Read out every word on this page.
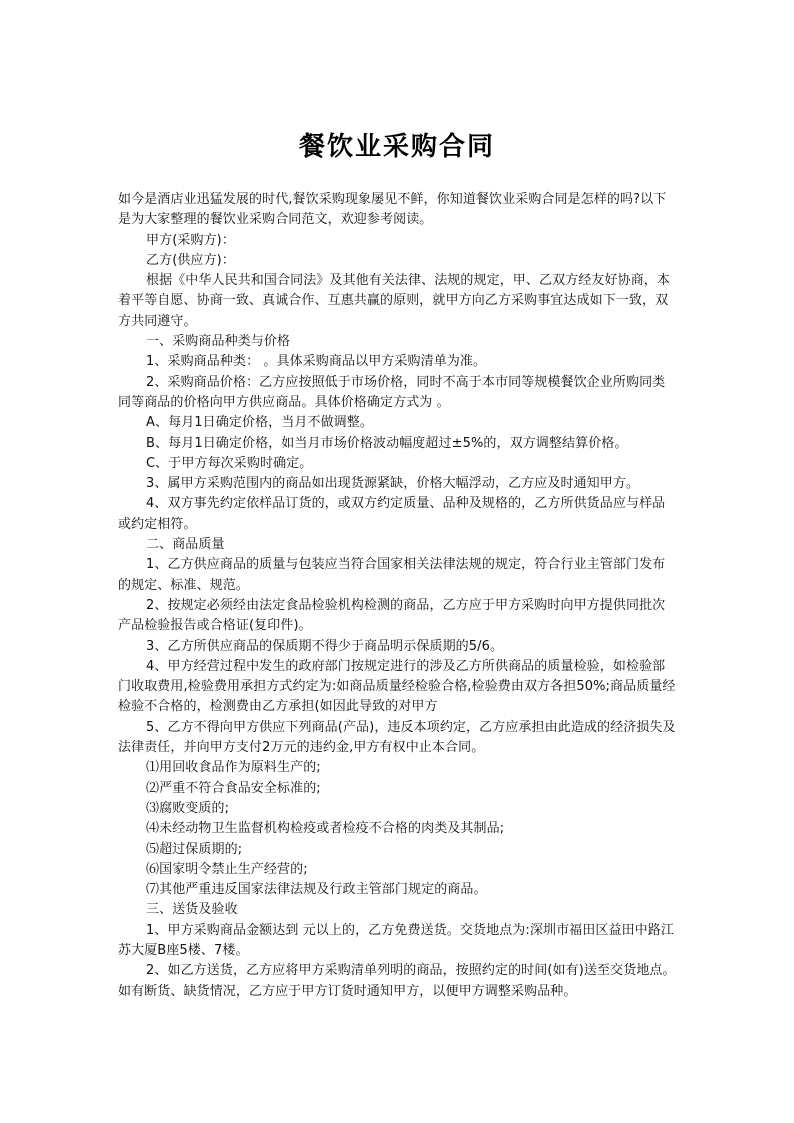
餐饮业采购合同

如今是酒店业迅猛发展的时代,餐饮采购现象屡见不鲜，你知道餐饮业采购合同是怎样的吗?以下是为大家整理的餐饮业采购合同范文，欢迎参考阅读。

甲方(采购方)：

乙方(供应方)：

根据《中华人民共和国合同法》及其他有关法律、法规的规定，甲、乙双方经友好协商，本着平等自愿、协商一致、真诚合作、互惠共赢的原则，就甲方向乙方采购事宜达成如下一致，双方共同遵守。

一、采购商品种类与价格

1、采购商品种类： 。具体采购商品以甲方采购清单为准。

2、采购商品价格：乙方应按照低于市场价格，同时不高于本市同等规模餐饮企业所购同类同等商品的价格向甲方供应商品。具体价格确定方式为 。

A、每月1日确定价格，当月不做调整。

B、每月1日确定价格，如当月市场价格波动幅度超过±5%的，双方调整结算价格。

C、于甲方每次采购时确定。

3、属甲方采购范围内的商品如出现货源紧缺，价格大幅浮动，乙方应及时通知甲方。

4、双方事先约定依样品订货的，或双方约定质量、品种及规格的，乙方所供货品应与样品或约定相符。

二、商品质量

1、乙方供应商品的质量与包装应当符合国家相关法律法规的规定，符合行业主管部门发布的规定、标准、规范。

2、按规定必须经由法定食品检验机构检测的商品，乙方应于甲方采购时向甲方提供同批次产品检验报告或合格证(复印件)。

3、乙方所供应商品的保质期不得少于商品明示保质期的5/6。

4、甲方经营过程中发生的政府部门按规定进行的涉及乙方所供商品的质量检验，如检验部门收取费用,检验费用承担方式约定为:如商品质量经检验合格,检验费由双方各担50%;商品质量经检验不合格的，检测费由乙方承担(如因此导致的对甲方

5、乙方不得向甲方供应下列商品(产品)，违反本项约定，乙方应承担由此造成的经济损失及法律责任，并向甲方支付2万元的违约金,甲方有权中止本合同。

⑴用回收食品作为原料生产的;

⑵严重不符合食品安全标准的;

⑶腐败变质的;

⑷未经动物卫生监督机构检疫或者检疫不合格的肉类及其制品;

⑸超过保质期的;

⑹国家明令禁止生产经营的;

⑺其他严重违反国家法律法规及行政主管部门规定的商品。

三、送货及验收

1、甲方采购商品金额达到 元以上的，乙方免费送货。交货地点为:深圳市福田区益田中路江苏大厦B座5楼、7楼。

2、如乙方送货，乙方应将甲方采购清单列明的商品，按照约定的时间(如有)送至交货地点。如有断货、缺货情况，乙方应于甲方订货时通知甲方，以便甲方调整采购品种。
